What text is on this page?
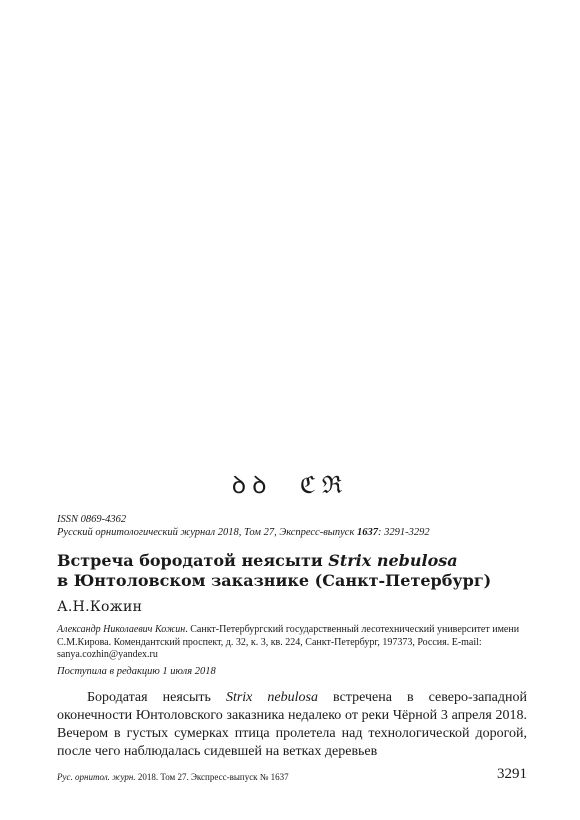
ꝺꝺ  ℭℜ
ISSN 0869-4362
Русский орнитологический журнал 2018, Том 27, Экспресс-выпуск 1637: 3291-3292
Встреча бородатой неясыти Strix nebulosa
в Юнтоловском заказнике (Санкт-Петербург)
А.Н.Кожин
Александр Николаевич Кожин. Санкт-Петербургский государственный лесотехнический университет имени С.М.Кирова. Комендантский проспект, д. 32, к. 3, кв. 224, Санкт-Петербург, 197373, Россия. E-mail: sanya.cozhin@yandex.ru
Поступила в редакцию 1 июля 2018
Бородатая неясыть Strix nebulosa встречена в северо-западной оконечности Юнтоловского заказника недалеко от реки Чёрной 3 апреля 2018. Вечером в густых сумерках птица пролетела над технологической дорогой, после чего наблюдалась сидевшей на ветках деревьев
Рус. орнитол. журн. 2018. Том 27. Экспресс-выпуск № 1637	3291
